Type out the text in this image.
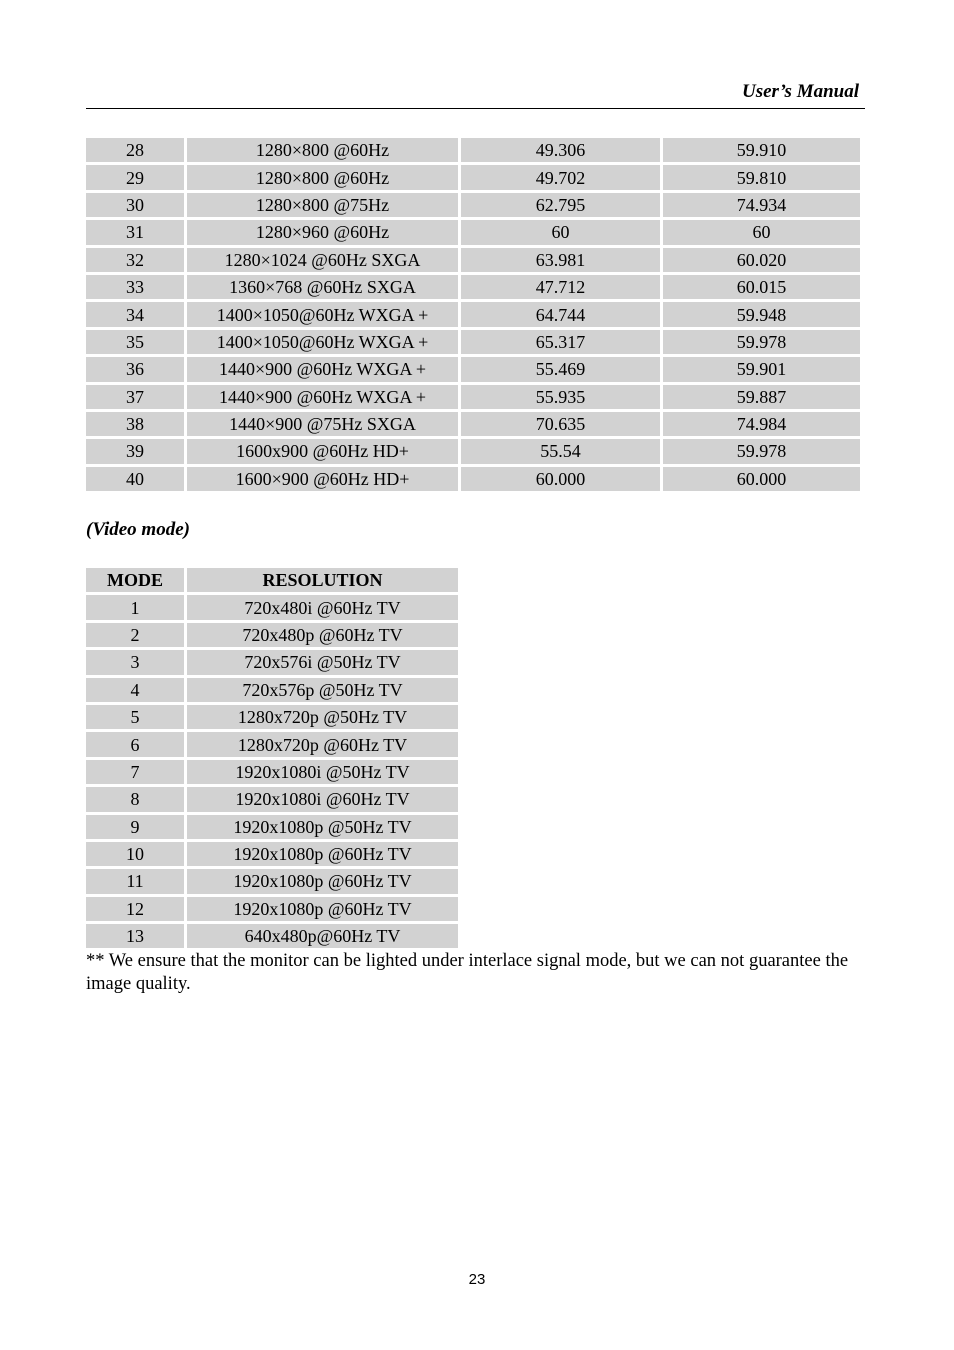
User’s Manual
28	1280×800 @60Hz	49.306	59.910
29	1280×800 @60Hz	49.702	59.810
30	1280×800 @75Hz	62.795	74.934
31	1280×960 @60Hz	60	60
32	1280×1024 @60Hz SXGA	63.981	60.020
33	1360×768 @60Hz SXGA	47.712	60.015
34	1400×1050@60Hz WXGA +	64.744	59.948
35	1400×1050@60Hz WXGA +	65.317	59.978
36	1440×900 @60Hz WXGA +	55.469	59.901
37	1440×900 @60Hz WXGA +	55.935	59.887
38	1440×900 @75Hz SXGA	70.635	74.984
39	1600x900 @60Hz HD+	55.54	59.978
40	1600×900 @60Hz HD+	60.000	60.000
(Video mode)
MODE	RESOLUTION
1	720x480i @60Hz TV
2	720x480p @60Hz TV
3	720x576i @50Hz TV
4	720x576p @50Hz TV
5	1280x720p @50Hz TV
6	1280x720p @60Hz TV
7	1920x1080i @50Hz TV
8	1920x1080i @60Hz TV
9	1920x1080p @50Hz TV
10	1920x1080p @60Hz TV
11	1920x1080p @60Hz TV
12	1920x1080p @60Hz TV
13	640x480p@60Hz TV
** We ensure that the monitor can be lighted under interlace signal mode, but we can not guarantee the image quality.
23
